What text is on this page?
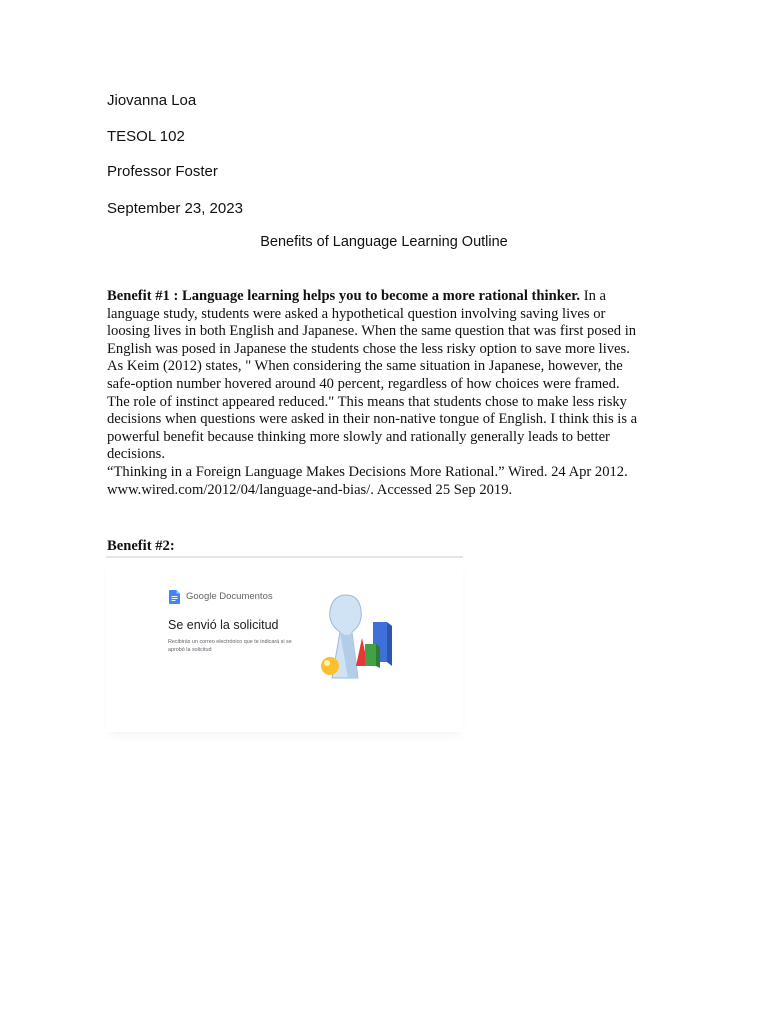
Jiovanna Loa
TESOL 102
Professor Foster
September 23, 2023
Benefits of Language Learning Outline
Benefit #1 : Language learning helps you to become a more rational thinker. In a
language study, students were asked a hypothetical question involving saving lives or
loosing lives in both English and Japanese. When the same question that was first posed in
English was posed in Japanese the students chose the less risky option to save more lives.
As Keim (2012) states, " When considering the same situation in Japanese, however, the
safe-option number hovered around 40 percent, regardless of how choices were framed.
The role of instinct appeared reduced." This means that students chose to make less risky
decisions when questions were asked in their non-native tongue of English. I think this is a
powerful benefit because thinking more slowly and rationally generally leads to better
decisions.
“Thinking in a Foreign Language Makes Decisions More Rational.” Wired. 24 Apr 2012.
www.wired.com/2012/04/language-and-bias/. Accessed 25 Sep 2019.
Benefit #2:
Google Documentos
Se envió la solicitud
Recibirás un correo electrónico que te indicará si se
aprobó la solicitud
